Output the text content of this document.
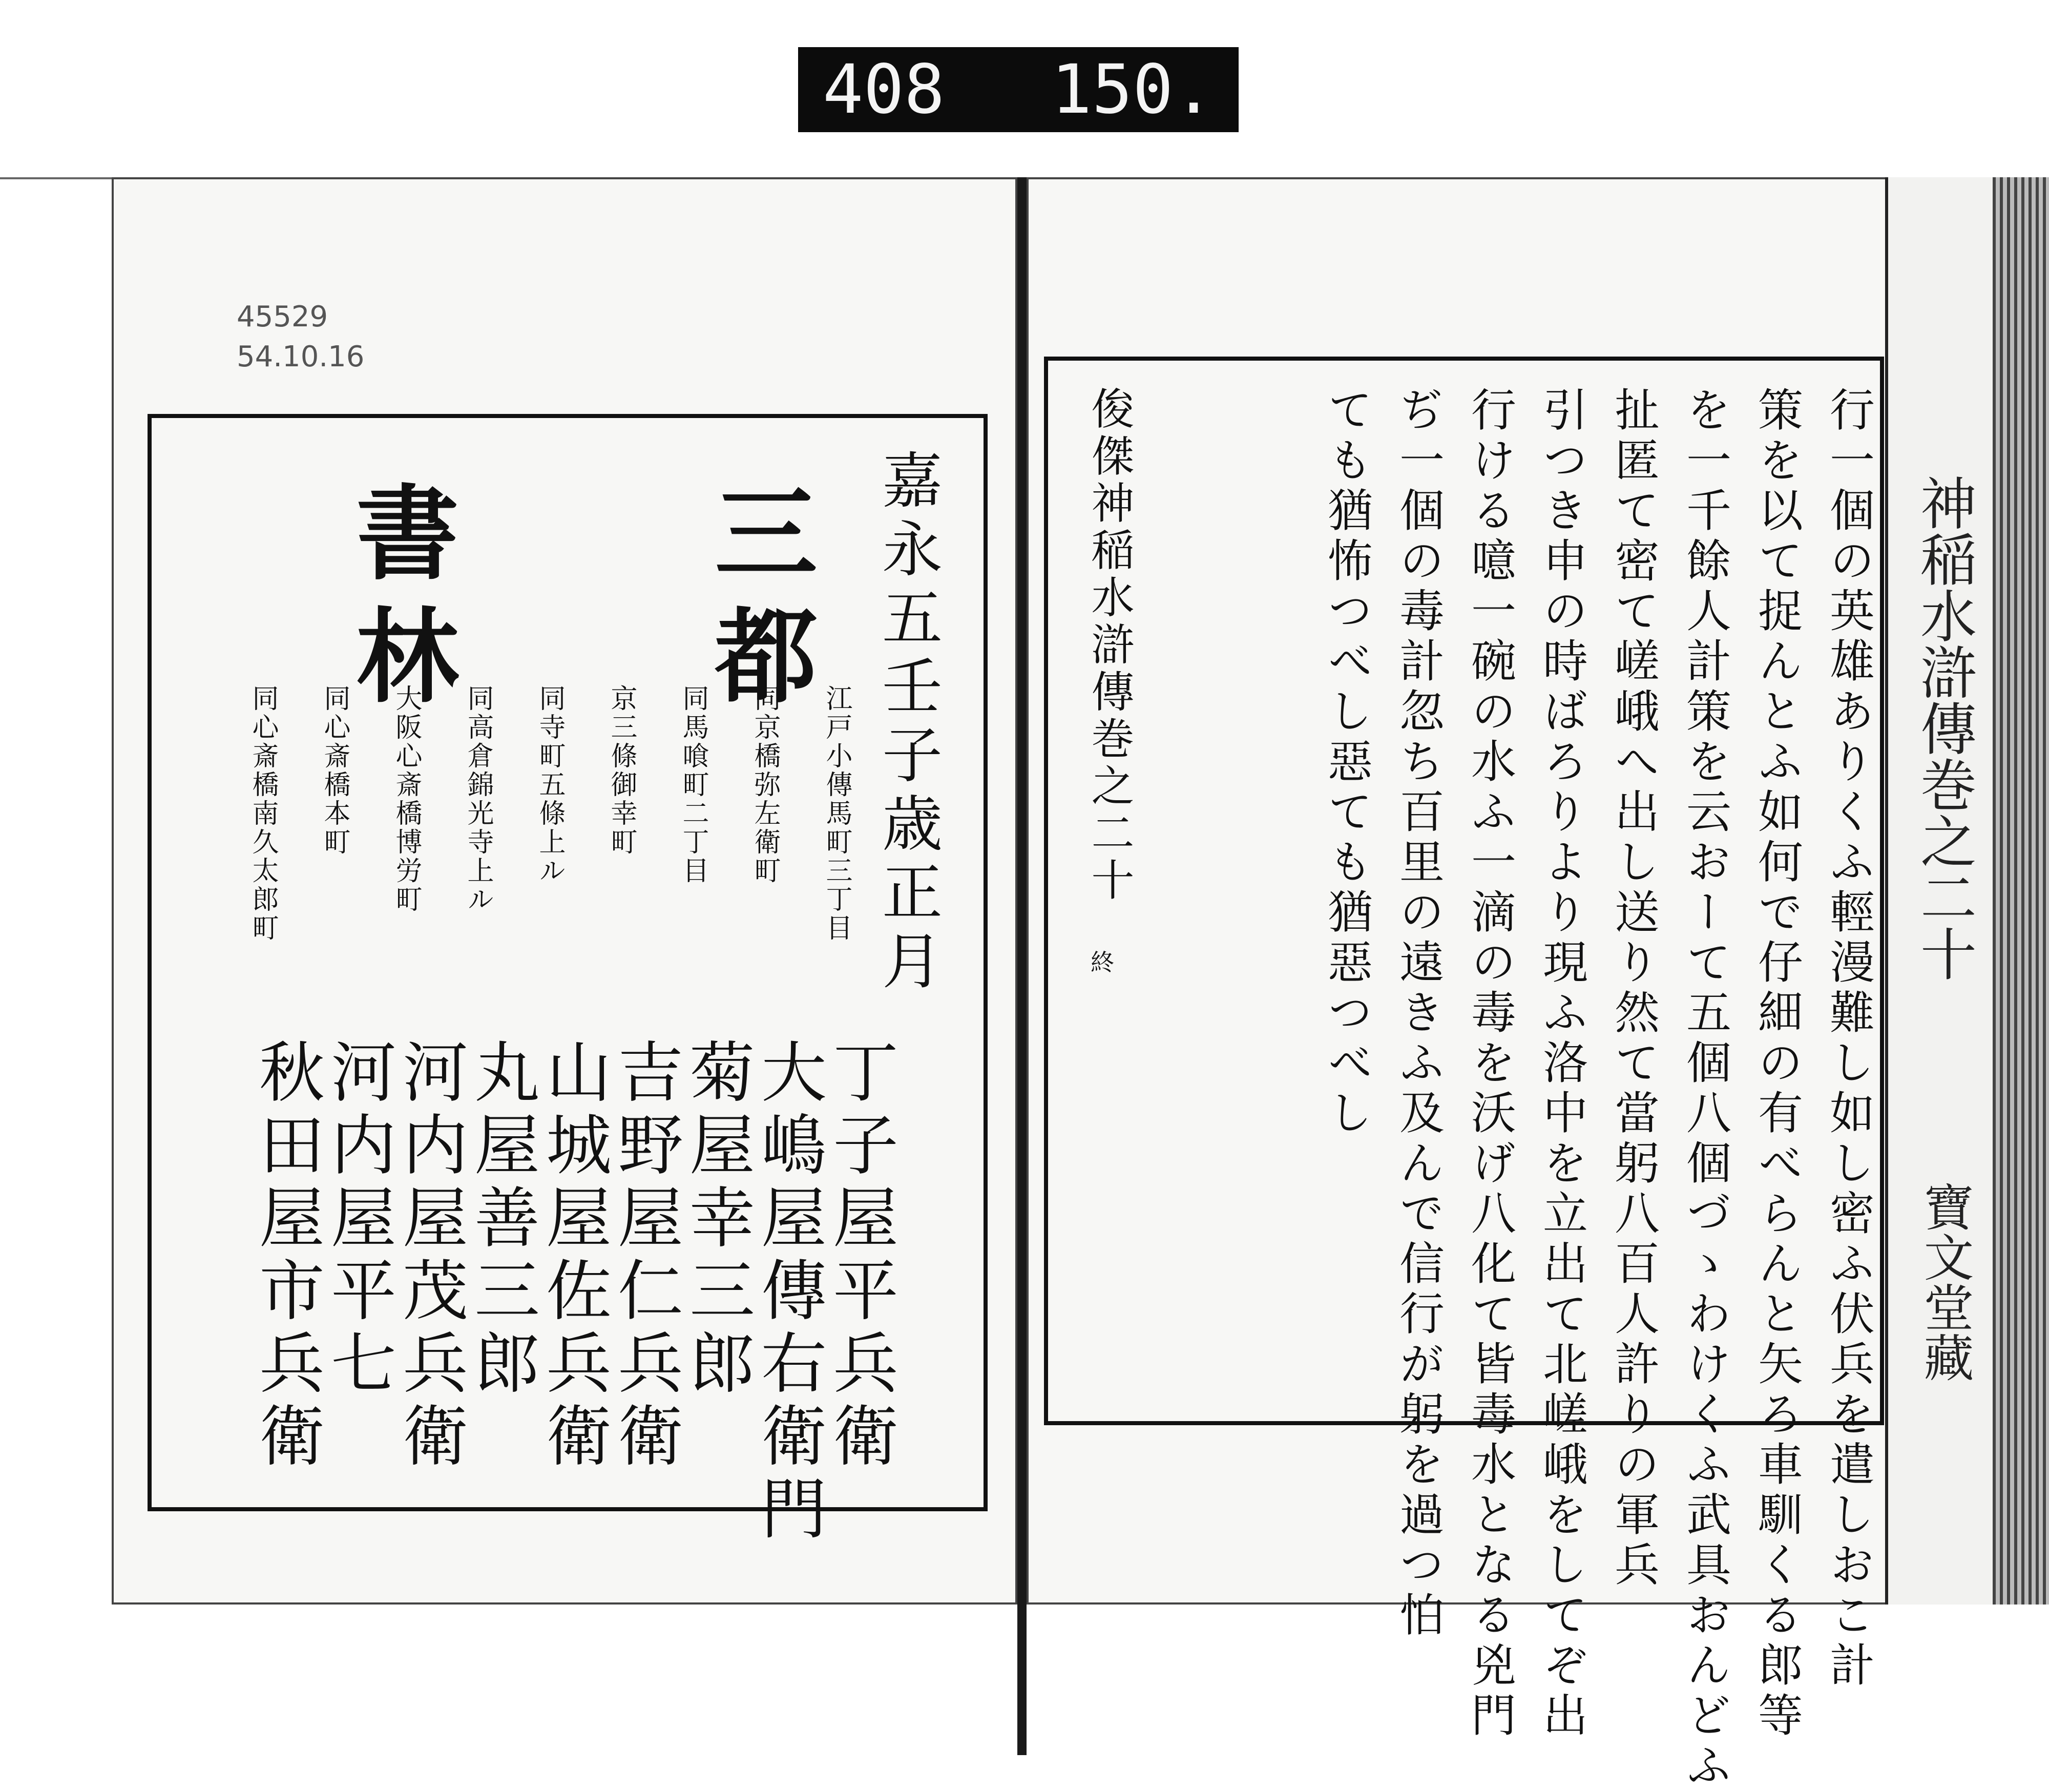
408 150.
45529
54.10.16
嘉永五壬子歳正月
三都
書林
江戸小傳馬町三丁目
同京橋弥左衛町
同馬喰町二丁目
京三條御幸町
同寺町五條上ル
同高倉錦光寺上ル
大阪心斎橋博労町
同心斎橋本町
同心斎橋南久太郎町
丁子屋平兵衛
大嶋屋傳右衛門
菊屋幸三郎
吉野屋仁兵衛
山城屋佐兵衛
丸屋善三郎
河内屋茂兵衛
河内屋平七
秋田屋市兵衛	行一個の英雄ありくふ輕漫難し如し密ふ伏兵を遣しおこ計
策を以て捉んとふ如何で仔細の有べらんと矢ろ車馴くる郎等
を一千餘人計策を云おーて五個八個づゝわけくふ武具おんどふ
扯匿て密て嵯峨へ出し送り然て當躬八百人許りの軍兵
引つき申の時ばろりより現ふ洛中を立出て北嵯峨をしてぞ出
行ける噫一碗の水ふ一滴の毒を沃げ八化て皆毒水となる兇門
ぢ一個の毒計忽ち百里の遠きふ及んで信行が躬を過つ怕
ても猶怖つべし惡ても猶惡つべし
俊傑神稲水滸傳巻之二十
終	神稲水滸傳巻之二十
寶文堂藏
